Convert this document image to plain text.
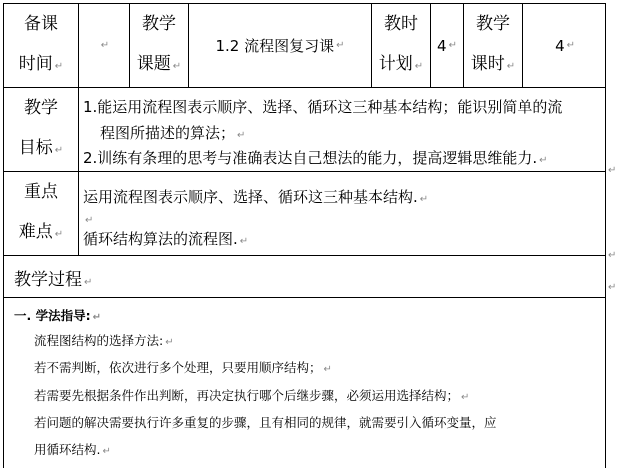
备课
时间 ↵
↵
教学
课题 ↵
1.2 流程图复习课 ↵
教时
计划 ↵
4 ↵
教学
课时 ↵
4 ↵
教学
目标 ↵
1.能运用流程图表示顺序、选择、循环这三种基本结构；能识别简单的流
程图所描述的算法； ↵
2.训练有条理的思考与准确表达自己想法的能力，提高逻辑思维能力. ↵
重点
难点 ↵
运用流程图表示顺序、选择、循环这三种基本结构. ↵
↵
循环结构算法的流程图. ↵
教学过程 ↵
↵
↵
↵
一. 学法指导: ↵
流程图结构的选择方法: ↵
若不需判断，依次进行多个处理，只要用顺序结构； ↵
若需要先根据条件作出判断，再决定执行哪个后继步骤，必须运用选择结构； ↵
若问题的解决需要执行许多重复的步骤，且有相同的规律，就需要引入循环变量，应
用循环结构. ↵
